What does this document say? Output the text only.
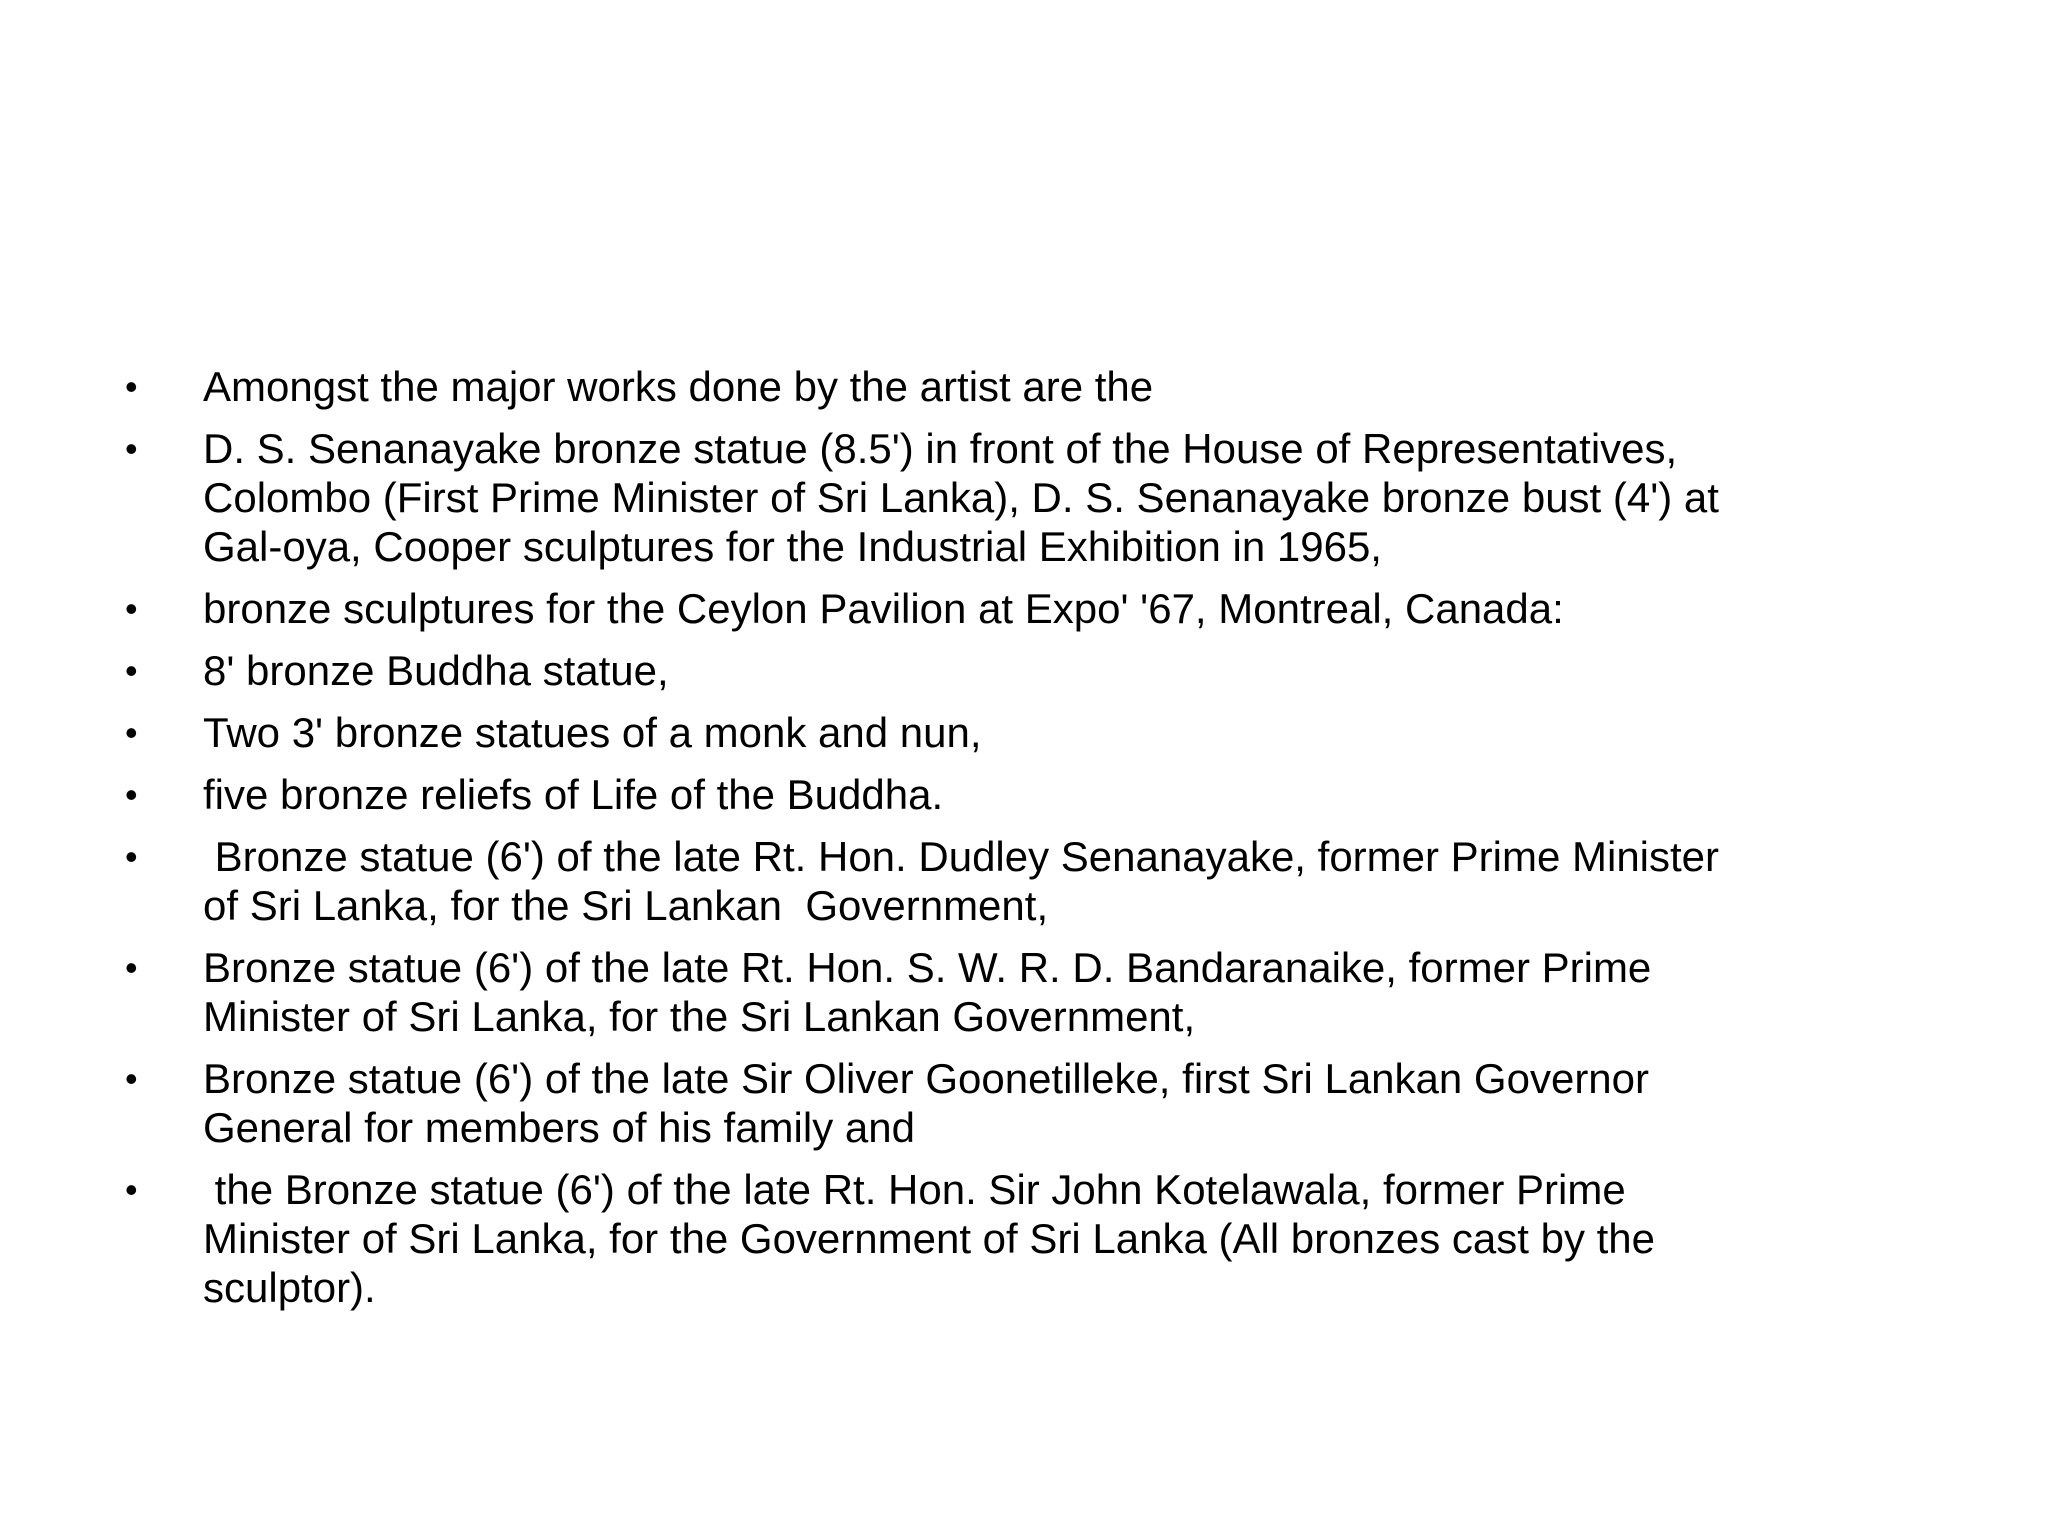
•	Amongst the major works done by the artist are the
•	D. S. Senanayake bronze statue (8.5') in front of the House of Representatives,
Colombo (First Prime Minister of Sri Lanka), D. S. Senanayake bronze bust (4') at
Gal-oya, Cooper sculptures for the Industrial Exhibition in 1965,
•	bronze sculptures for the Ceylon Pavilion at Expo' '67, Montreal, Canada:
•	8' bronze Buddha statue,
•	Two 3' bronze statues of a monk and nun,
•	five bronze reliefs of Life of the Buddha.
•	Bronze statue (6') of the late Rt. Hon. Dudley Senanayake, former Prime Minister
of Sri Lanka, for the Sri Lankan  Government,
•	Bronze statue (6') of the late Rt. Hon. S. W. R. D. Bandaranaike, former Prime
Minister of Sri Lanka, for the Sri Lankan Government,
•	Bronze statue (6') of the late Sir Oliver Goonetilleke, first Sri Lankan Governor
General for members of his family and
•	the Bronze statue (6') of the late Rt. Hon. Sir John Kotelawala, former Prime
Minister of Sri Lanka, for the Government of Sri Lanka (All bronzes cast by the
sculptor).
